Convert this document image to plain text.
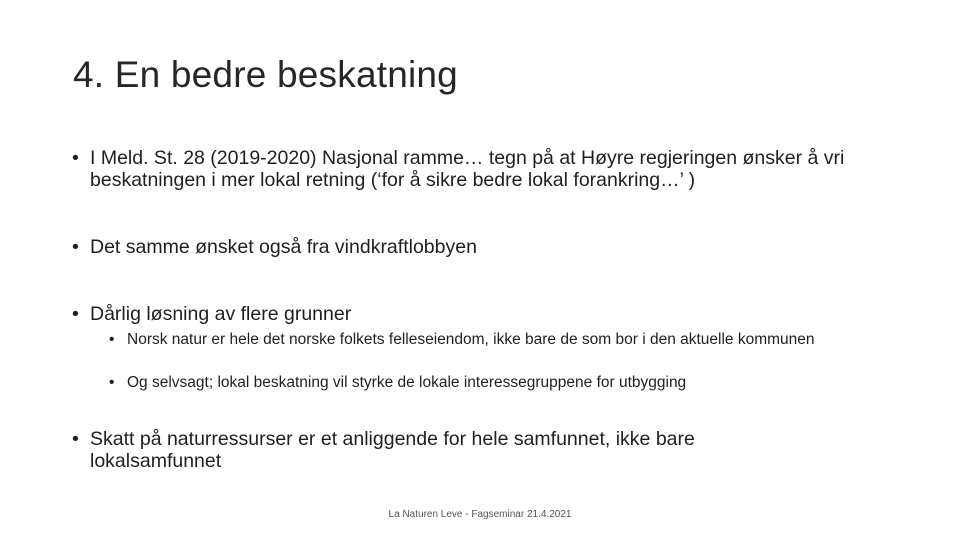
4. En bedre beskatning
• I Meld. St. 28 (2019-2020) Nasjonal ramme… tegn på at Høyre regjeringen ønsker å vri beskatningen i mer lokal retning (‘for å sikre bedre lokal forankring…’ )
• Det samme ønsket også fra vindkraftlobbyen
• Dårlig løsning av flere grunner
• Norsk natur er hele det norske folkets felleseiendom, ikke bare de som bor i den aktuelle kommunen
• Og selvsagt; lokal beskatning vil styrke de lokale interessegruppene for utbygging
• Skatt på naturressurser er et anliggende for hele samfunnet, ikke bare lokalsamfunnet
La Naturen Leve - Fagseminar 21.4.2021
